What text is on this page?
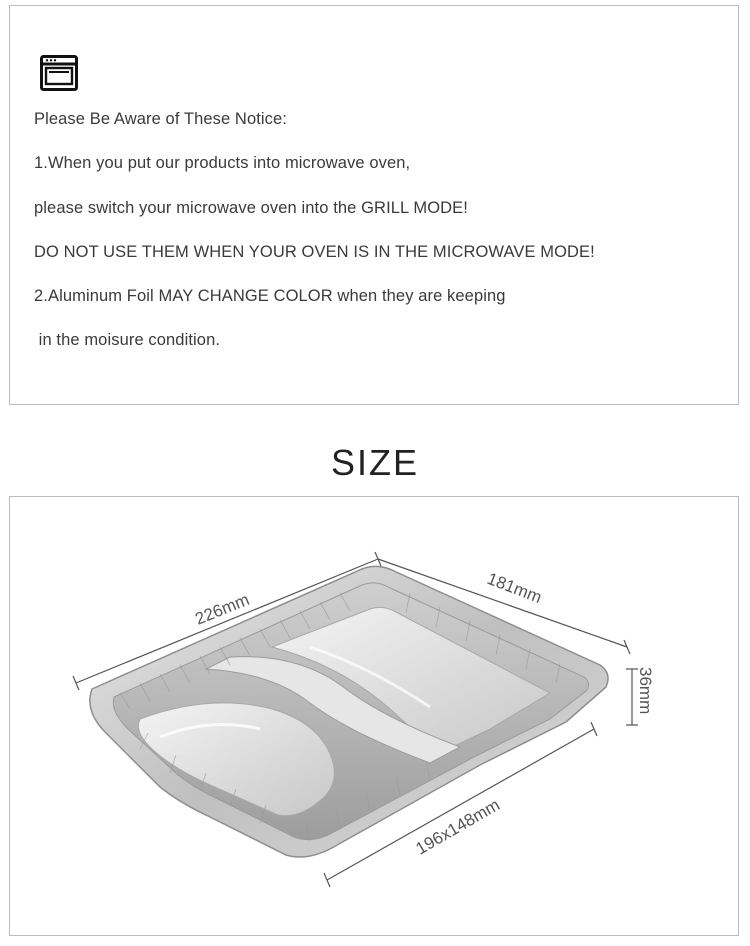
Please Be Aware of These Notice:
1.When you put our products into microwave oven,
please switch your microwave oven into the GRILL MODE!
DO NOT USE THEM WHEN YOUR OVEN IS IN THE MICROWAVE MODE!
2.Aluminum Foil MAY CHANGE COLOR when they are keeping
in the moisure condition.
SIZE
226mm
181mm
36mm
196x148mm
